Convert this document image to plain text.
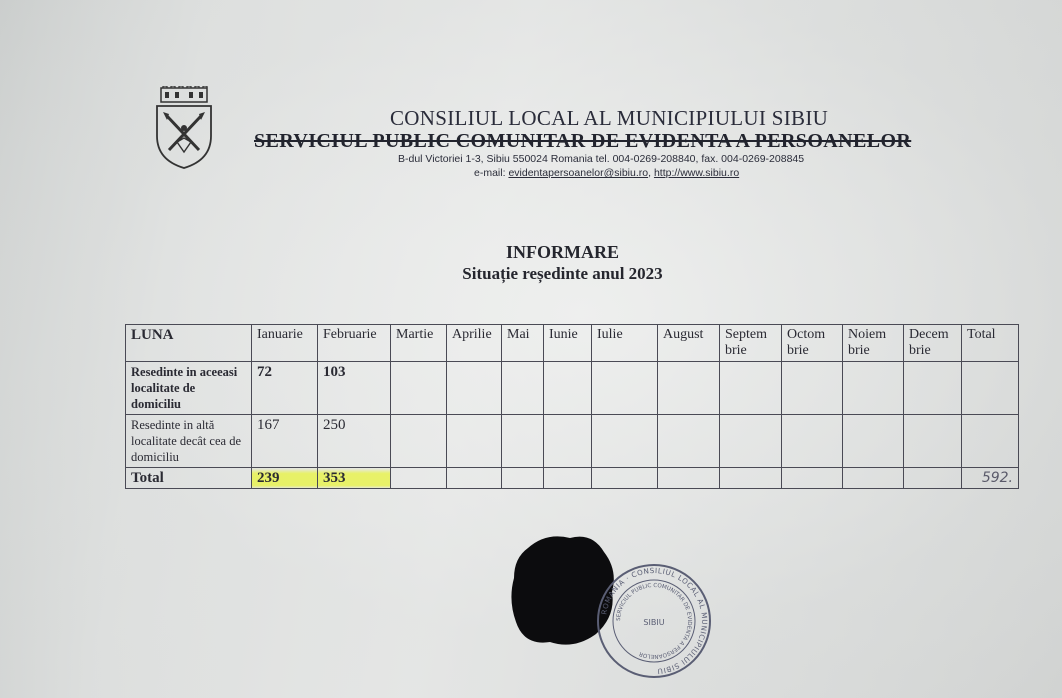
CONSILIUL LOCAL AL MUNICIPIULUI SIBIU
SERVICIUL PUBLIC COMUNITAR DE EVIDENTA A PERSOANELOR
B-dul Victoriei 1-3, Sibiu 550024 Romania tel. 004-0269-208840, fax. 004-0269-208845
e-mail: evidentapersoanelor@sibiu.ro, http://www.sibiu.ro
INFORMARE
Situație reședinte anul 2023
LUNA	Ianuarie	Februarie	Martie	Aprilie	Mai	Iunie	Iulie	August	Septem brie	Octom brie	Noiem brie	Decem brie	Total
Resedinte in aceeasi localitate de domiciliu	72	103											
Resedinte in altă localitate decât cea de domiciliu	167	250											
Total	239	353											592.
ROMANIA · CONSILIUL LOCAL AL MUNICIPIULUI SIBIU
SERVICIUL PUBLIC COMUNITAR DE EVIDENTA A PERSOANELOR
SIBIU
